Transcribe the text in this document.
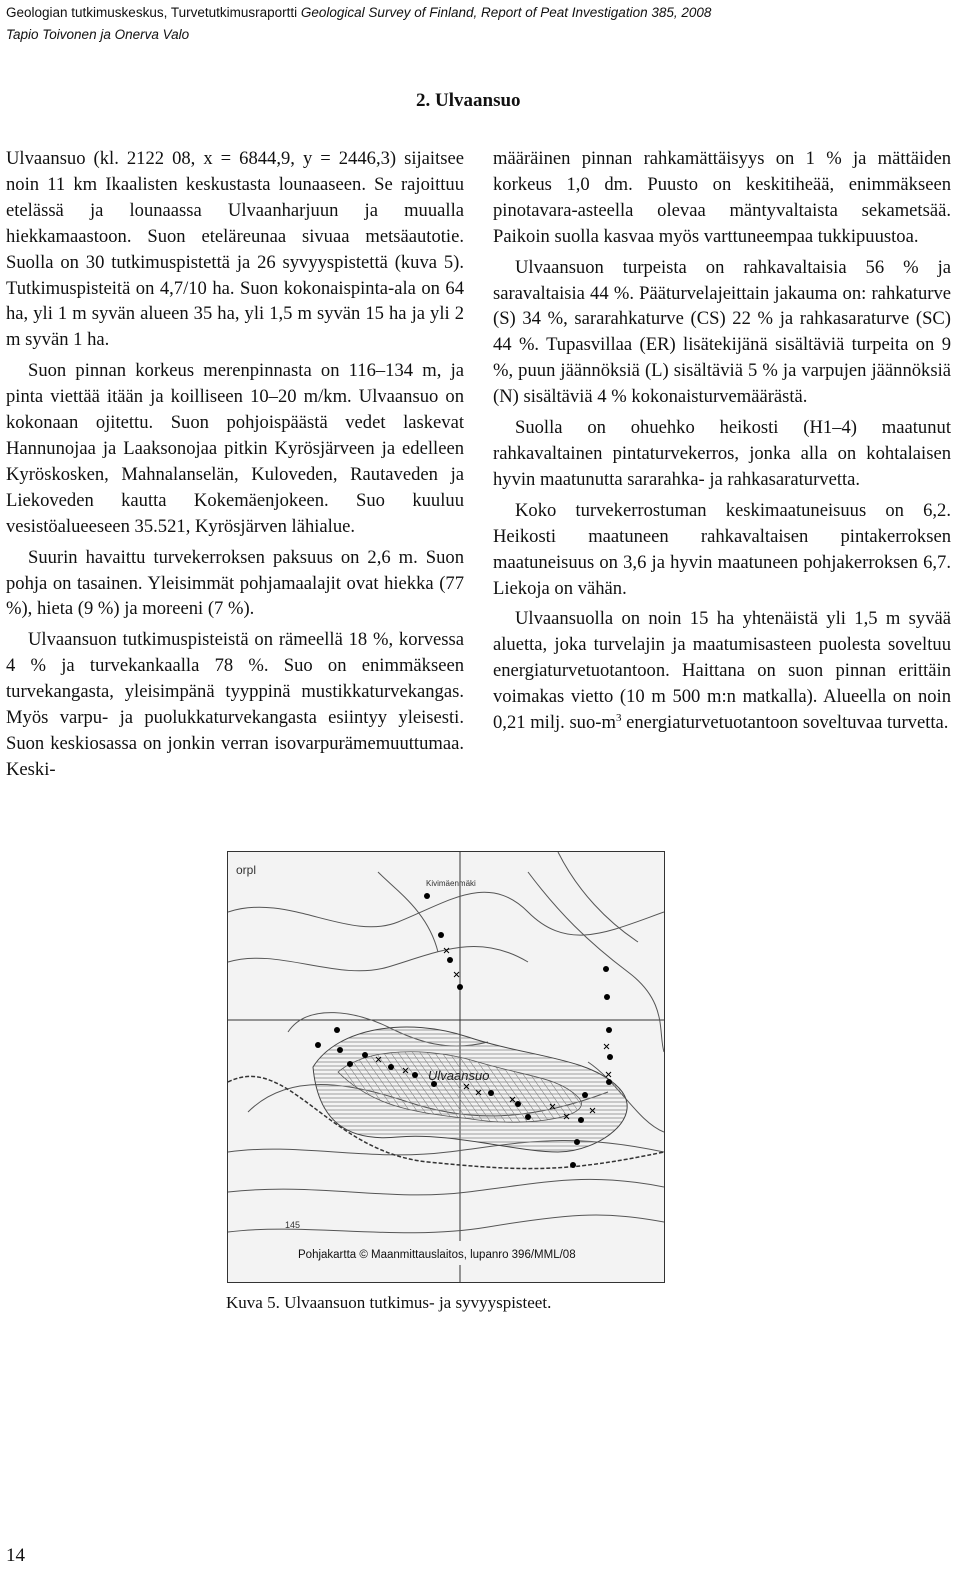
Geologian tutkimuskeskus, Turvetutkimusraportti Geological Survey of Finland, Report of Peat Investigation 385, 2008
Tapio Toivonen ja Onerva Valo
2. Ulvaansuo

Ulvaansuo (kl. 2122 08, x = 6844,9, y = 2446,3) sijaitsee noin 11 km Ikaalisten keskustasta lounaaseen. Se rajoittuu etelässä ja lounaassa Ulvaanharjuun ja muualla hiekkamaastoon. Suon eteläreunaa sivuaa metsäautotie. Suolla on 30 tutkimuspistettä ja 26 syvyyspistettä (kuva 5). Tutkimuspisteitä on 4,7/10 ha. Suon kokonaispinta-ala on 64 ha, yli 1 m syvän alueen 35 ha, yli 1,5 m syvän 15 ha ja yli 2 m syvän 1 ha.

Suon pinnan korkeus merenpinnasta on 116–134 m, ja pinta viettää itään ja koilliseen 10–20 m/km. Ulvaansuo on kokonaan ojitettu. Suon pohjoispäästä vedet laskevat Hannunojaa ja Laaksonojaa pitkin Kyrösjärveen ja edelleen Kyröskosken, Mahnalanselän, Kuloveden, Rautaveden ja Liekoveden kautta Kokemäenjokeen. Suo kuuluu vesistöalueeseen 35.521, Kyrösjärven lähialue.

Suurin havaittu turvekerroksen paksuus on 2,6 m. Suon pohja on tasainen. Yleisimmät pohjamaalajit ovat hiekka (77 %), hieta (9 %) ja moreeni (7 %).

Ulvaansuon tutkimuspisteistä on rämeellä 18 %, korvessa 4 % ja turvekankaalla 78 %. Suo on enimmäkseen turvekangasta, yleisimpänä tyyppinä mustikkaturvekangas. Myös varpu- ja puolukkaturvekangasta esiintyy yleisesti. Suon keskiosassa on jonkin verran isovarpurämemuuttumaa. Keski-

määräinen pinnan rahkamättäisyys on 1 % ja mättäiden korkeus 1,0 dm. Puusto on keskitiheää, enimmäkseen pinotavara-asteella olevaa mäntyvaltaista sekametsää. Paikoin suolla kasvaa myös varttuneempaa tukkipuustoa.

Ulvaansuon turpeista on rahkavaltaisia 56 % ja saravaltaisia 44 %. Pääturvelajeittain jakauma on: rahkaturve (S) 34 %, sararahkaturve (CS) 22 % ja rahkasaraturve (SC) 44 %. Tupasvillaa (ER) lisätekijänä sisältäviä turpeita on 9 %, puun jäännöksiä (L) sisältäviä 5 % ja varpujen jäännöksiä (N) sisältäviä 4 % kokonaisturvemäärästä.

Suolla on ohuehko heikosti (H1–4) maatunut rahkavaltainen pintaturvekerros, jonka alla on kohtalaisen hyvin maatunutta sararahka- ja rahkasaraturvetta.

Koko turvekerrostuman keskimaatuneisuus on 6,2. Heikosti maatuneen rahkavaltaisen pintakerroksen maatuneisuus on 3,6 ja hyvin maatuneen pohjakerroksen 6,7. Liekoja on vähän.

Ulvaansuolla on noin 15 ha yhtenäistä yli 1,5 m syvää aluetta, joka turvelajin ja maatumisasteen puolesta soveltuu energiaturvetuotantoon. Haittana on suon pinnan erittäin voimakas vietto (10 m 500 m:n matkalla). Alueella on noin 0,21 milj. suo-$m^3$ energiaturvetuotantoon soveltuvaa turvetta.

orpl
Kivimäenmäki
Ulvaansuo
145
Pohjakartta © Maanmittauslaitos, lupanro 396/MML/08
Kuva 5. Ulvaansuon tutkimus- ja syvyyspisteet.
14
